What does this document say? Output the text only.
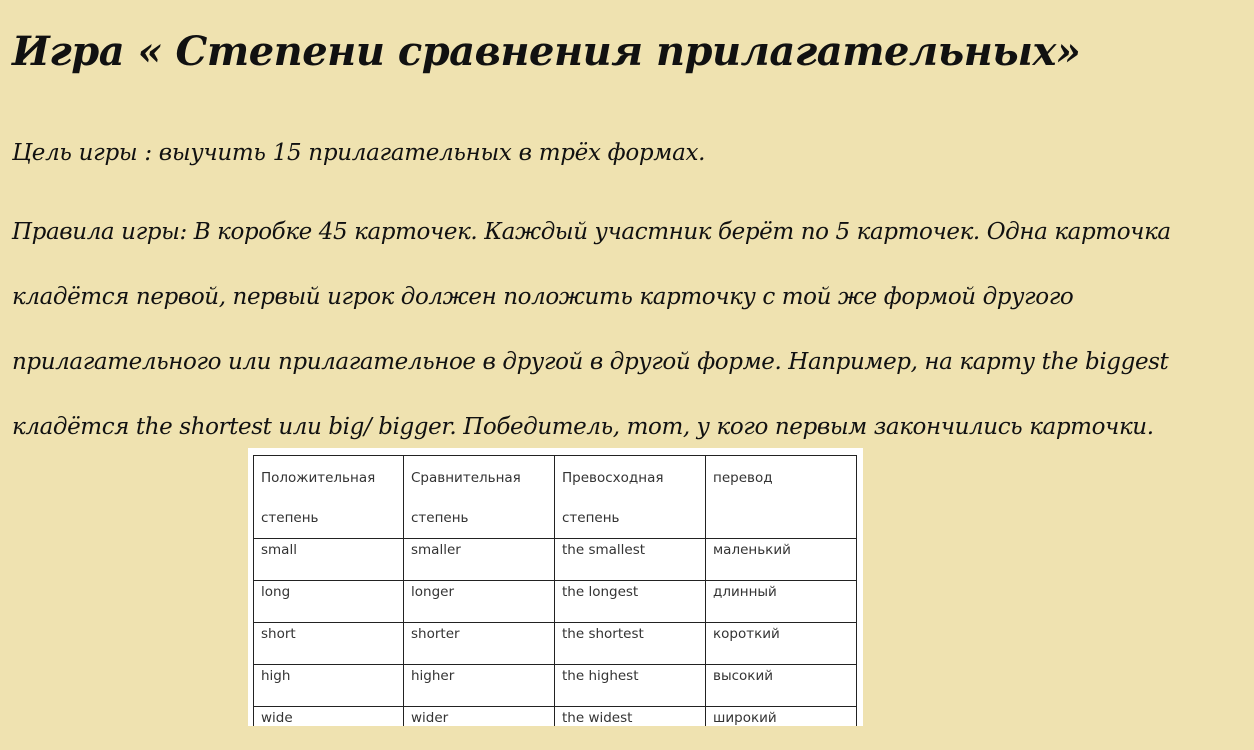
Игра « Степени сравнения прилагательных»

Цель игры : выучить 15 прилагательных в трёх формах.

Правила игры: В коробке 45 карточек. Каждый участник берёт по 5 карточек. Одна карточка кладётся первой, первый игрок должен положить карточку с той же формой другого прилагательного или прилагательное в другой в другой форме. Например, на карту the biggest кладётся the shortest или big/ bigger. Победитель, тот, у кого первым закончились карточки.

Положительная степень	Сравнительная степень	Превосходная степень	перевод
small	smaller	the smallest	маленький
long	longer	the longest	длинный
short	shorter	the shortest	короткий
high	higher	the highest	высокий
wide	wider	the widest	широкий
